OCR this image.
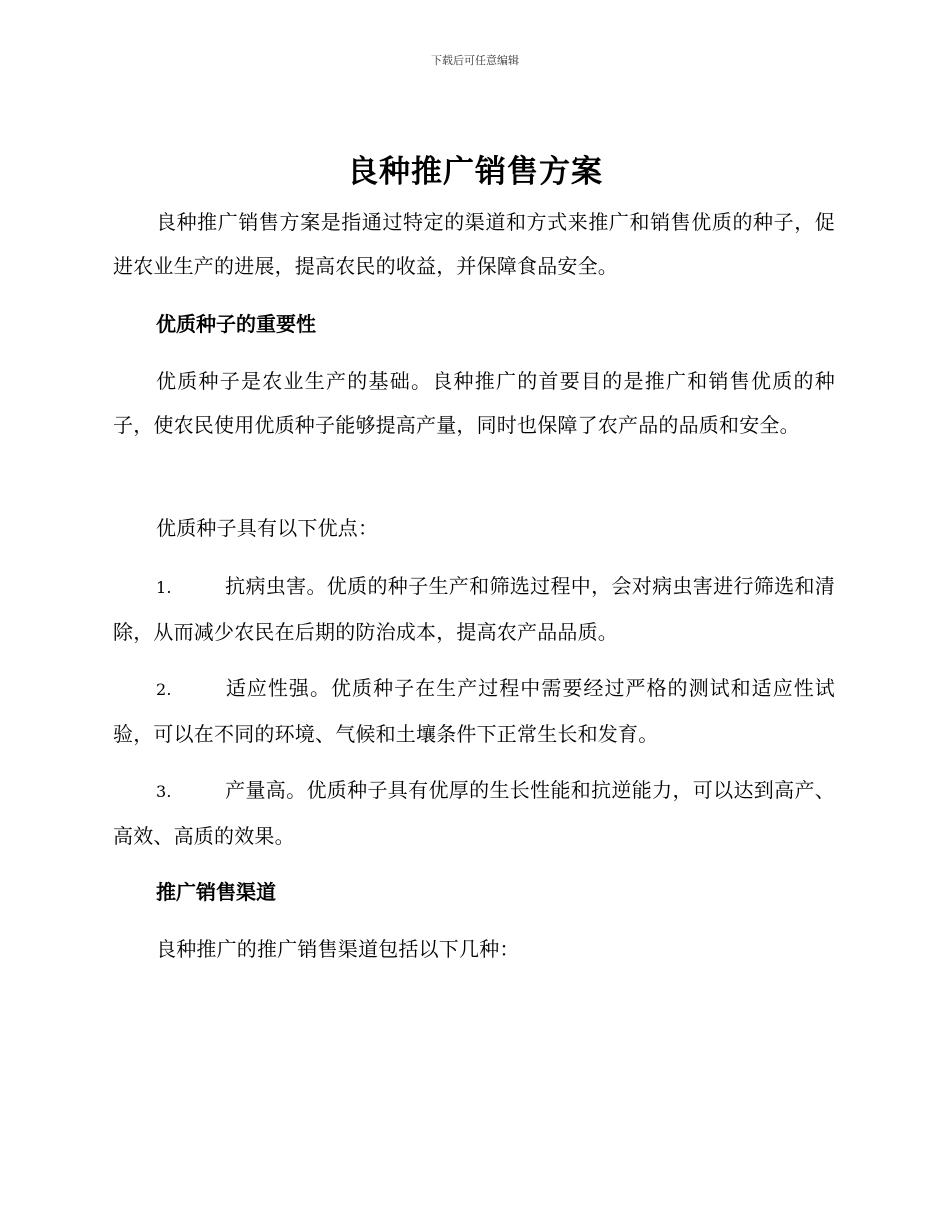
下载后可任意编辑
良种推广销售方案
良种推广销售方案是指通过特定的渠道和方式来推广和销售优质的种子，促进农业生产的进展，提高农民的收益，并保障食品安全。
优质种子的重要性
优质种子是农业生产的基础。良种推广的首要目的是推广和销售优质的种子，使农民使用优质种子能够提高产量，同时也保障了农产品的品质和安全。
优质种子具有以下优点：
1.	抗病虫害。优质的种子生产和筛选过程中，会对病虫害进行筛选和清除，从而减少农民在后期的防治成本，提高农产品品质。
2.	适应性强。优质种子在生产过程中需要经过严格的测试和适应性试验，可以在不同的环境、气候和土壤条件下正常生长和发育。
3.	产量高。优质种子具有优厚的生长性能和抗逆能力，可以达到高产、高效、高质的效果。
推广销售渠道
良种推广的推广销售渠道包括以下几种：
